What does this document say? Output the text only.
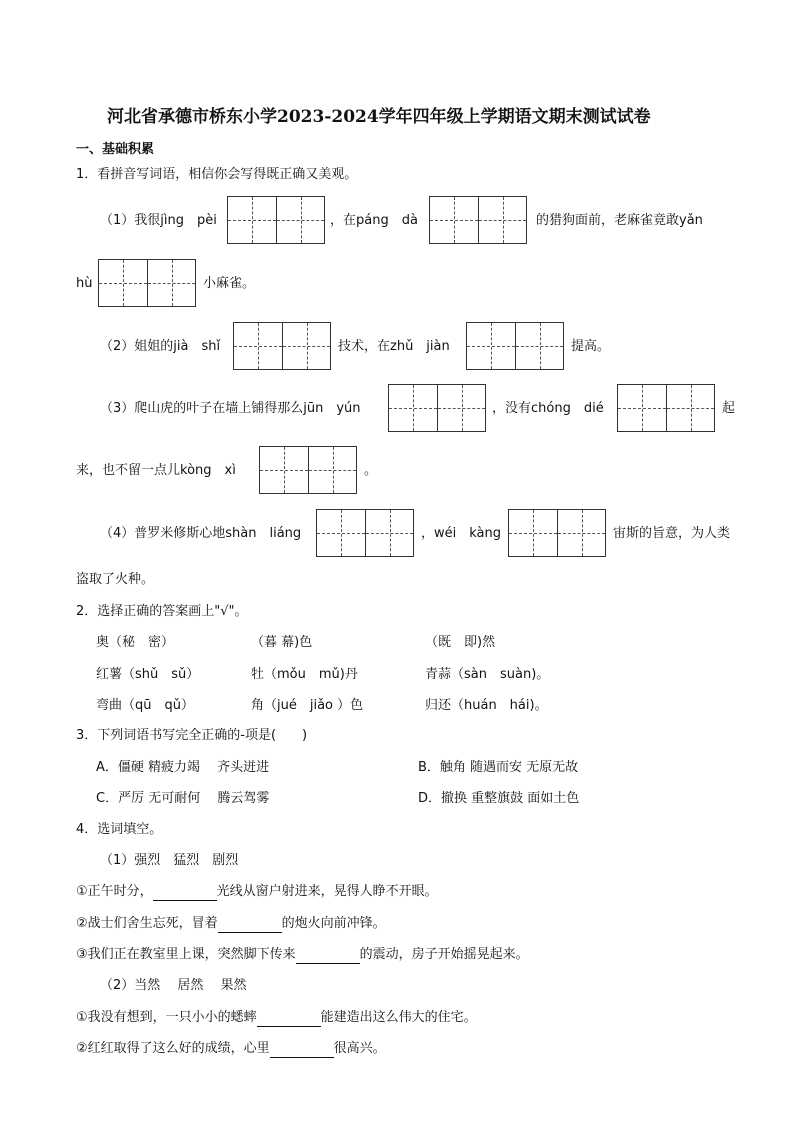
河北省承德市桥东小学2023-2024学年四年级上学期语文期末测试试卷
一、基础积累
1．看拼音写词语，相信你会写得既正确又美观。
（1）我很jìng　pèi	，在páng　dà	的猎狗面前，老麻雀竟敢yǎn
hù	小麻雀。
（2）姐姐的jià　shǐ	技术，在zhǔ　jiàn	提高。
（3）爬山虎的叶子在墙上铺得那么jūn　yún	，没有chóng　dié	起
来，也不留一点儿kòng　xì	。
（4）普罗米修斯心地shàn　liáng	，wéi　kàng	宙斯的旨意，为人类
盗取了火种。
2．选择正确的答案画上"√"。
奥（秘　密）	（暮 幕)色	（既　即)然
红薯（shǔ　sǔ）	牡（mǒu　mǔ)丹	青蒜（sàn　suàn)。
弯曲（qū　qǔ）	角（jué　jiǎo ）色	归还（huán　hái)。
3．下列词语书写完全正确的-项是(　　)
A．僵硬 精疲力竭　 齐头迸进	B．触角 随遇而安 无原无故
C．严厉 无可耐何　 腾云驾雾	D．撤换 重整旗鼓 面如土色
4．选词填空。
（1）强烈　猛烈　剧烈
①正午时分，	光线从窗户射进来，晃得人睁不开眼。
②战士们舍生忘死，冒着	的炮火向前冲锋。
③我们正在教室里上课，突然脚下传来	的震动，房子开始摇晃起来。
（2）当然　 居然　 果然
①我没有想到，一只小小的蟋蟀	能建造出这么伟大的住宅。
②红红取得了这么好的成绩，心里	很高兴。
